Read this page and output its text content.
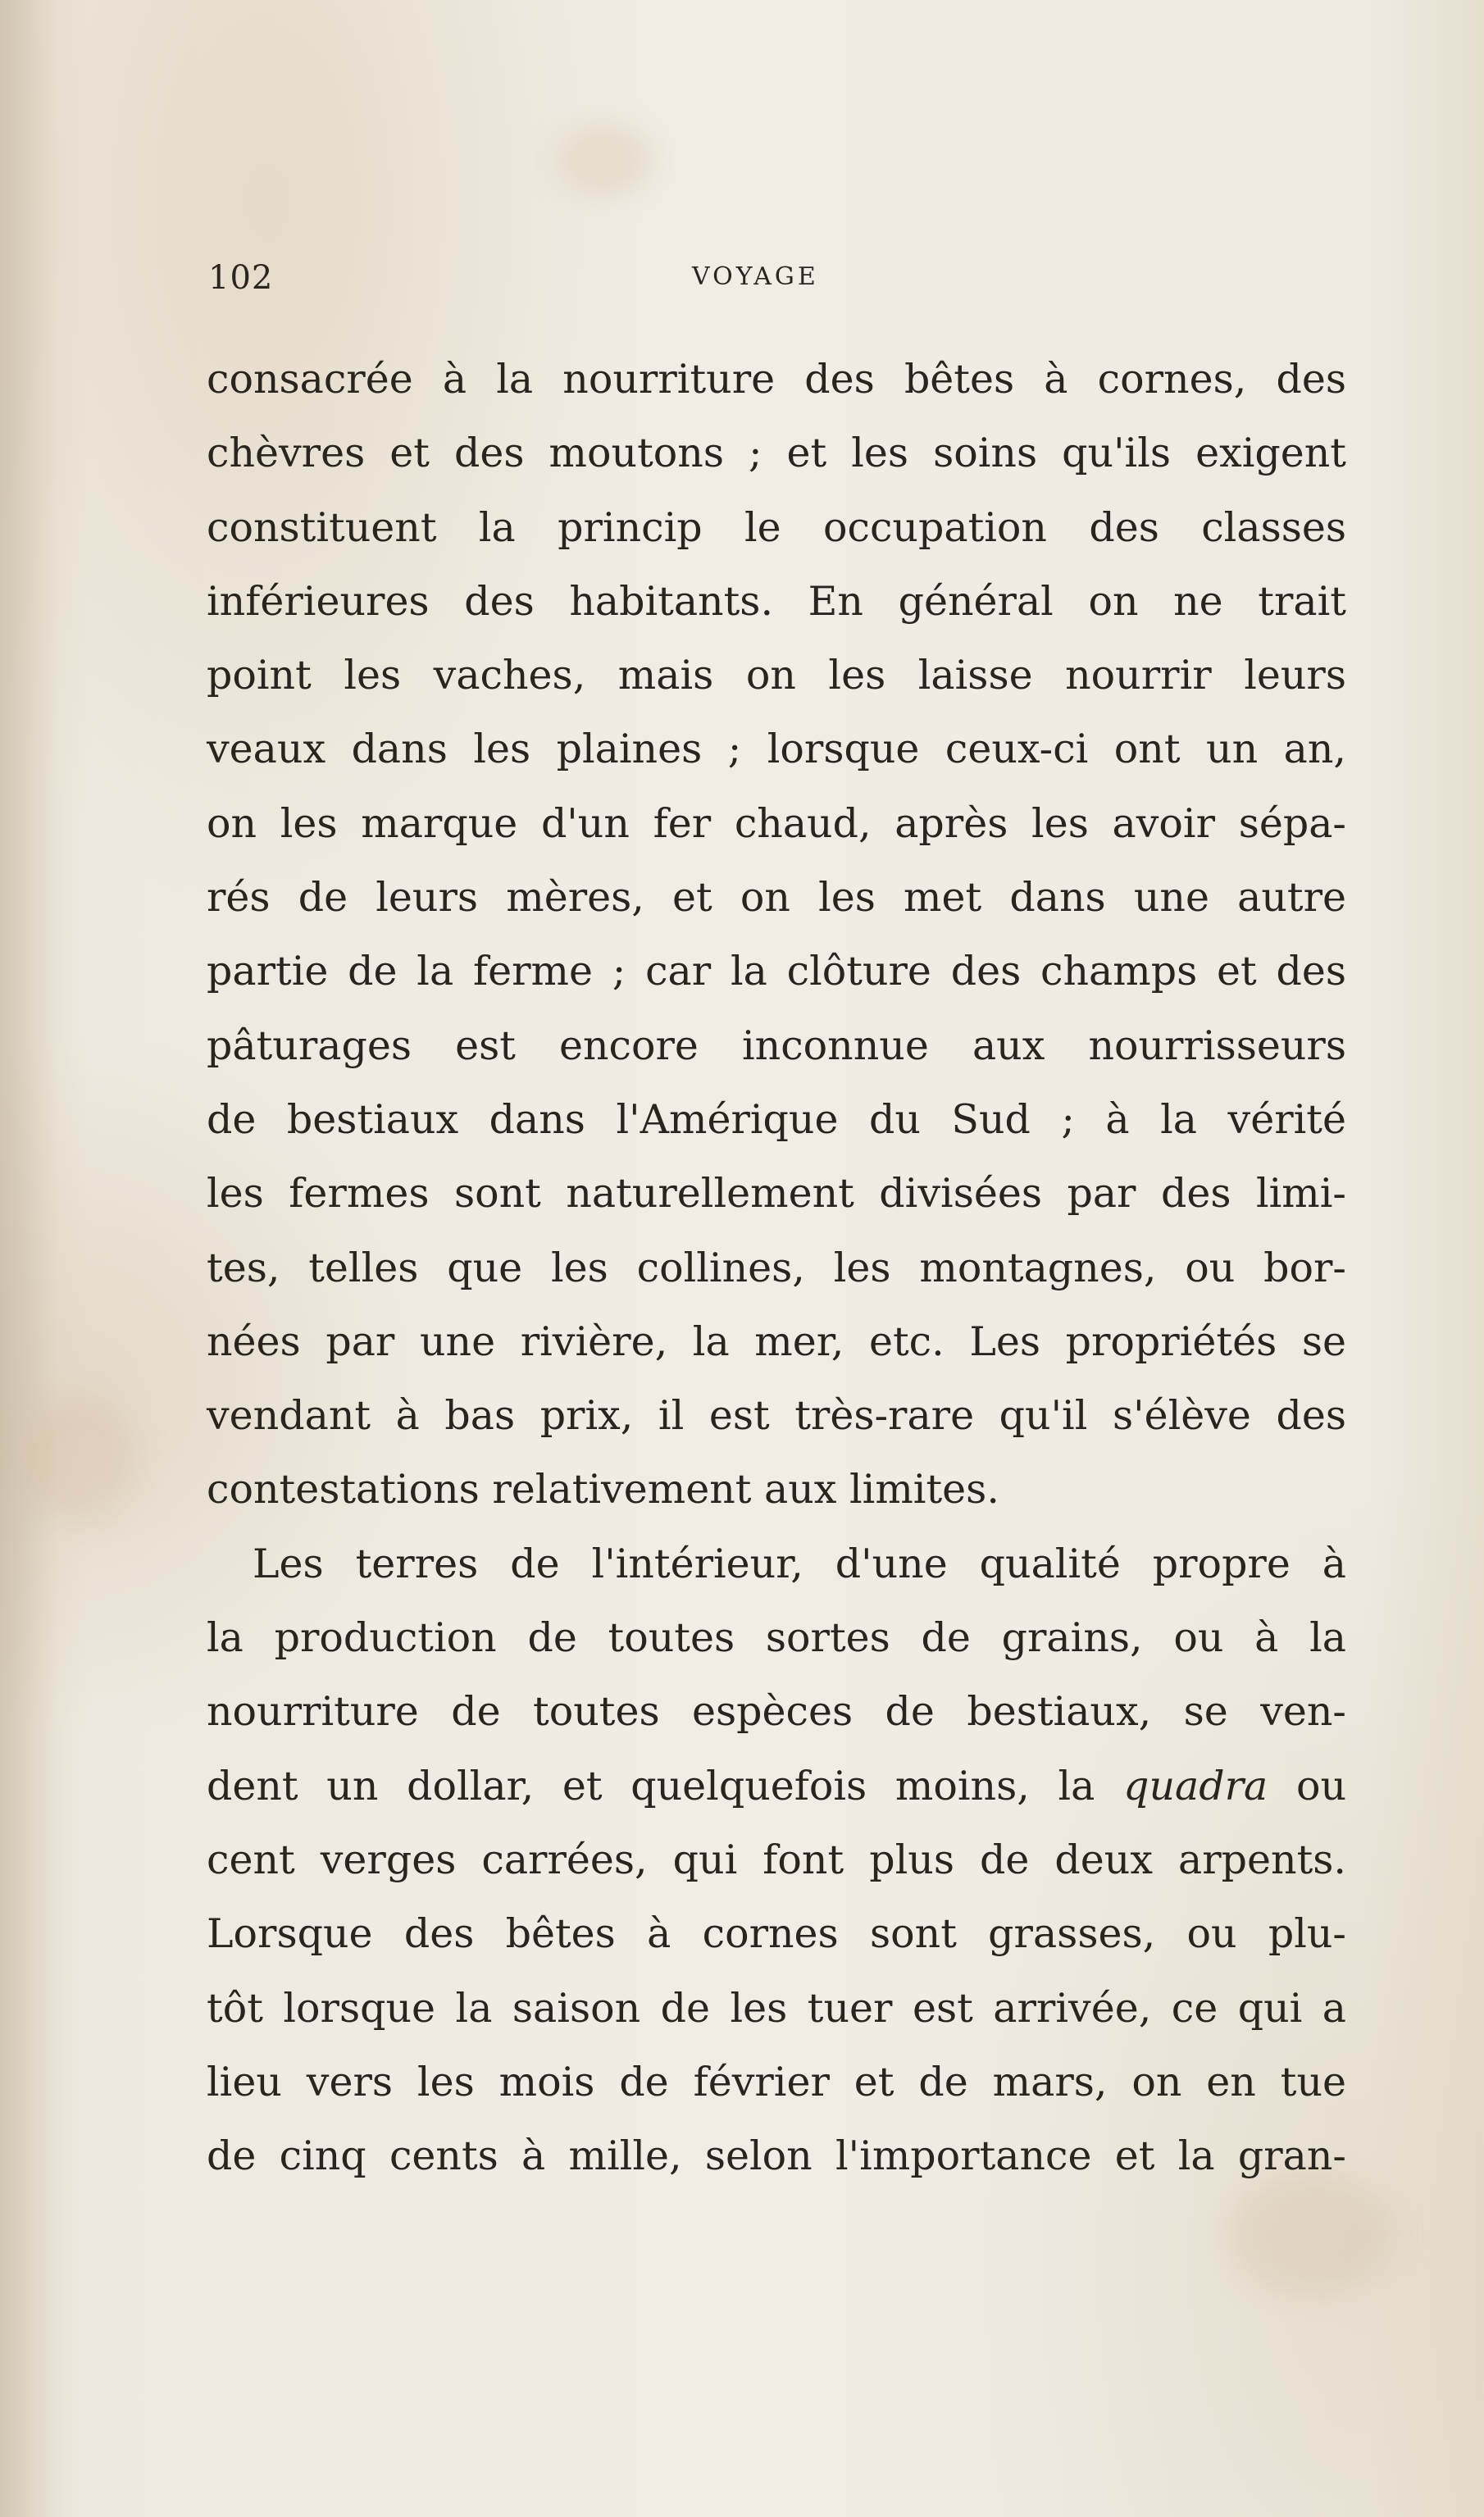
102	VOYAGE
consacrée à la nourriture des bêtes à cornes, des
chèvres et des moutons ; et les soins qu'ils exigent
constituent la princip le occupation des classes
inférieures des habitants. En général on ne trait
point les vaches, mais on les laisse nourrir leurs
veaux dans les plaines ; lorsque ceux-ci ont un an,
on les marque d'un fer chaud, après les avoir sépa-
rés de leurs mères, et on les met dans une autre
partie de la ferme ; car la clôture des champs et des
pâturages est encore inconnue aux nourrisseurs
de bestiaux dans l'Amérique du Sud ; à la vérité
les fermes sont naturellement divisées par des limi-
tes, telles que les collines, les montagnes, ou bor-
nées par une rivière, la mer, etc. Les propriétés se
vendant à bas prix, il est très-rare qu'il s'élève des
contestations relativement aux limites.
Les terres de l'intérieur, d'une qualité propre à
la production de toutes sortes de grains, ou à la
nourriture de toutes espèces de bestiaux, se ven-
dent un dollar, et quelquefois moins, la quadra ou
cent verges carrées, qui font plus de deux arpents.
Lorsque des bêtes à cornes sont grasses, ou plu-
tôt lorsque la saison de les tuer est arrivée, ce qui a
lieu vers les mois de février et de mars, on en tue
de cinq cents à mille, selon l'importance et la gran-
